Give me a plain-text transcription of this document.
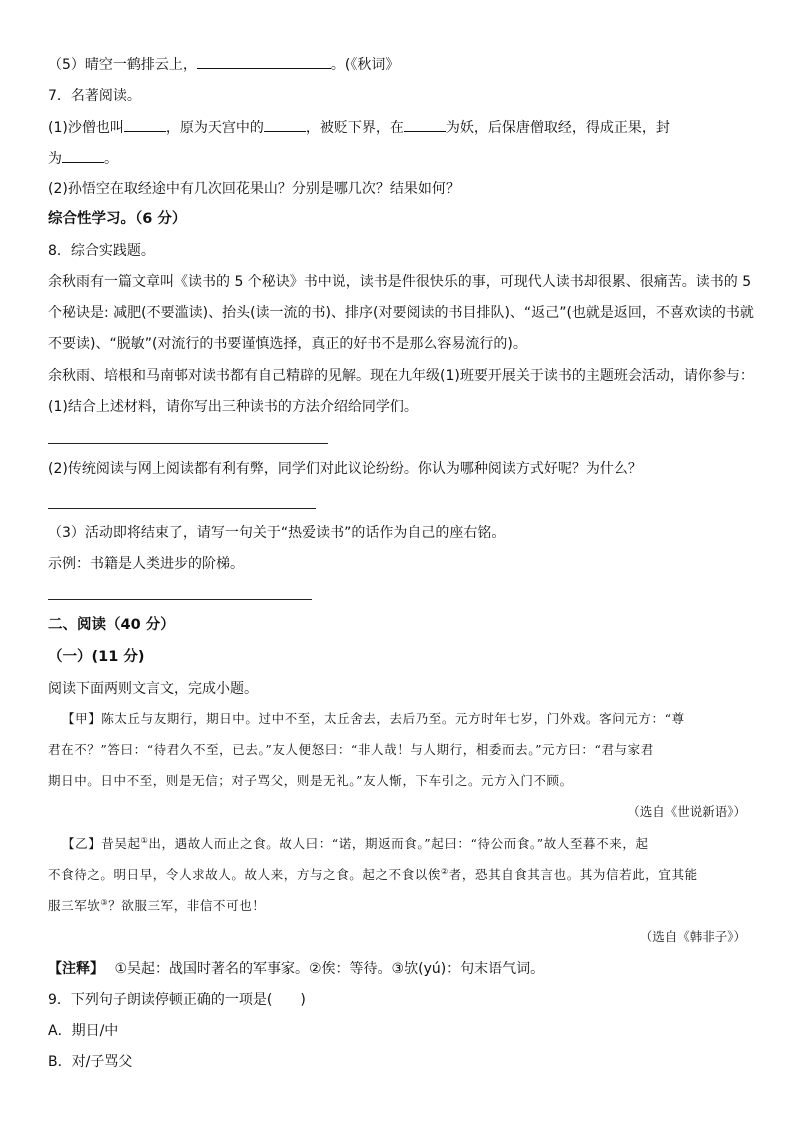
（5）晴空一鹤排云上，	。(《秋词》
7．名著阅读。
(1)沙僧也叫	，原为天宫中的	，被贬下界，在	为妖，后保唐僧取经，得成正果，封
为	。
(2)孙悟空在取经途中有几次回花果山？分别是哪几次？结果如何？
综合性学习。（6 分）
8．综合实践题。
余秋雨有一篇文章叫《读书的 5 个秘诀》书中说，读书是件很快乐的事，可现代人读书却很累、很痛苦。读书的 5
个秘诀是: 减肥(不要滥读)、抬头(读一流的书)、排序(对要阅读的书目排队)、“返己”(也就是返回，不喜欢读的书就
不要读)、“脱敏”(对流行的书要谨慎选择，真正的好书不是那么容易流行的)。
余秋雨、培根和马南邨对读书都有自己精辟的见解。现在九年级(1)班要开展关于读书的主题班会活动，请你参与：
(1)结合上述材料，请你写出三种读书的方法介绍给同学们。
(2)传统阅读与网上阅读都有利有弊，同学们对此议论纷纷。你认为哪种阅读方式好呢？为什么？
（3）活动即将结束了，请写一句关于“热爱读书”的话作为自己的座右铭。
示例：书籍是人类进步的阶梯。
二、阅读（40 分）
（一）(11 分)
阅读下面两则文言文，完成小题。
【甲】陈太丘与友期行，期日中。过中不至，太丘舍去，去后乃至。元方时年七岁，门外戏。客问元方：“尊
君在不？”答曰：“待君久不至，已去。”友人便怒曰：“非人哉！与人期行，相委而去。”元方曰：“君与家君
期日中。日中不至，则是无信；对子骂父，则是无礼。”友人惭，下车引之。元方入门不顾。
（选自《世说新语》）
【乙】昔吴起①出，遇故人而止之食。故人曰：“诺，期返而食。”起曰：“待公而食。”故人至暮不来，起
不食待之。明日早，令人求故人。故人来，方与之食。起之不食以俟②者，恐其自食其言也。其为信若此，宜其能
服三军欤③？欲服三军，非信不可也！
（选自《韩非子》）
【注释】 ①吴起：战国时著名的军事家。②俟：等待。③欤(yú)：句末语气词。
9．下列句子朗读停顿正确的一项是(　　)
A．期日/中
B．对/子骂父
